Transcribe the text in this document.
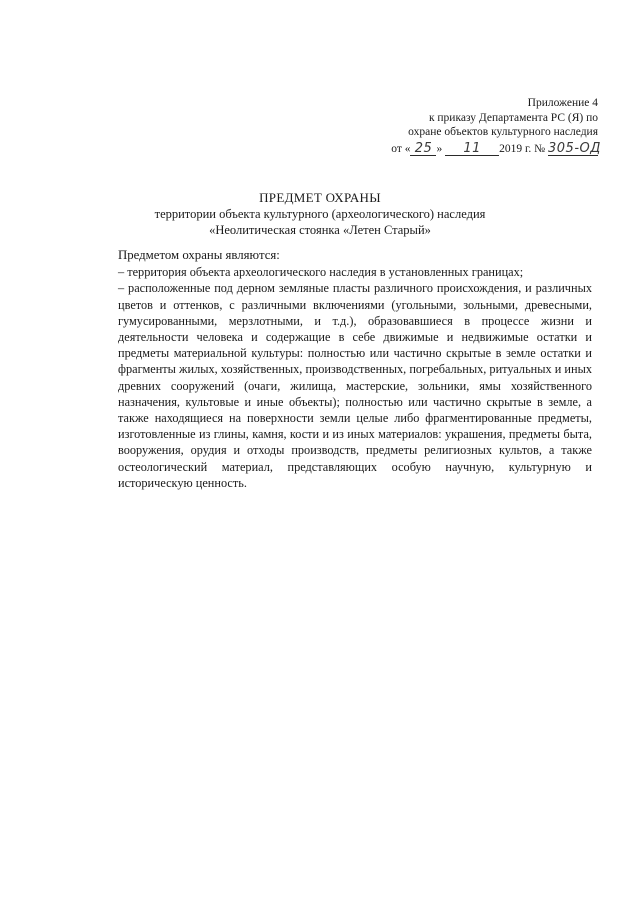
Приложение 4
к приказу Департамента РС (Я) по
охране объектов культурного наследия
от « 25 » 11 2019 г. № 305-ОД
ПРЕДМЕТ ОХРАНЫ
территории объекта культурного (археологического) наследия
«Неолитическая стоянка «Летен Старый»
Предметом охраны являются:
– территория объекта археологического наследия в установленных границах;
– расположенные под дерном земляные пласты различного происхождения, и различных цветов и оттенков, с различными включениями (угольными, зольными, древесными, гумусированными, мерзлотными, и т.д.), образовавшиеся в процессе жизни и деятельности человека и содержащие в себе движимые и недвижимые остатки и предметы материальной культуры: полностью или частично скрытые в земле остатки и фрагменты жилых, хозяйственных, производственных, погребальных, ритуальных и иных древних сооружений (очаги, жилища, мастерские, зольники, ямы хозяйственного назначения, культовые и иные объекты); полностью или частично скрытые в земле, а также находящиеся на поверхности земли целые либо фрагментированные предметы, изготовленные из глины, камня, кости и из иных материалов: украшения, предметы быта, вооружения, орудия и отходы производств, предметы религиозных культов, а также остеологический материал, представляющих особую научную, культурную и историческую ценность.
